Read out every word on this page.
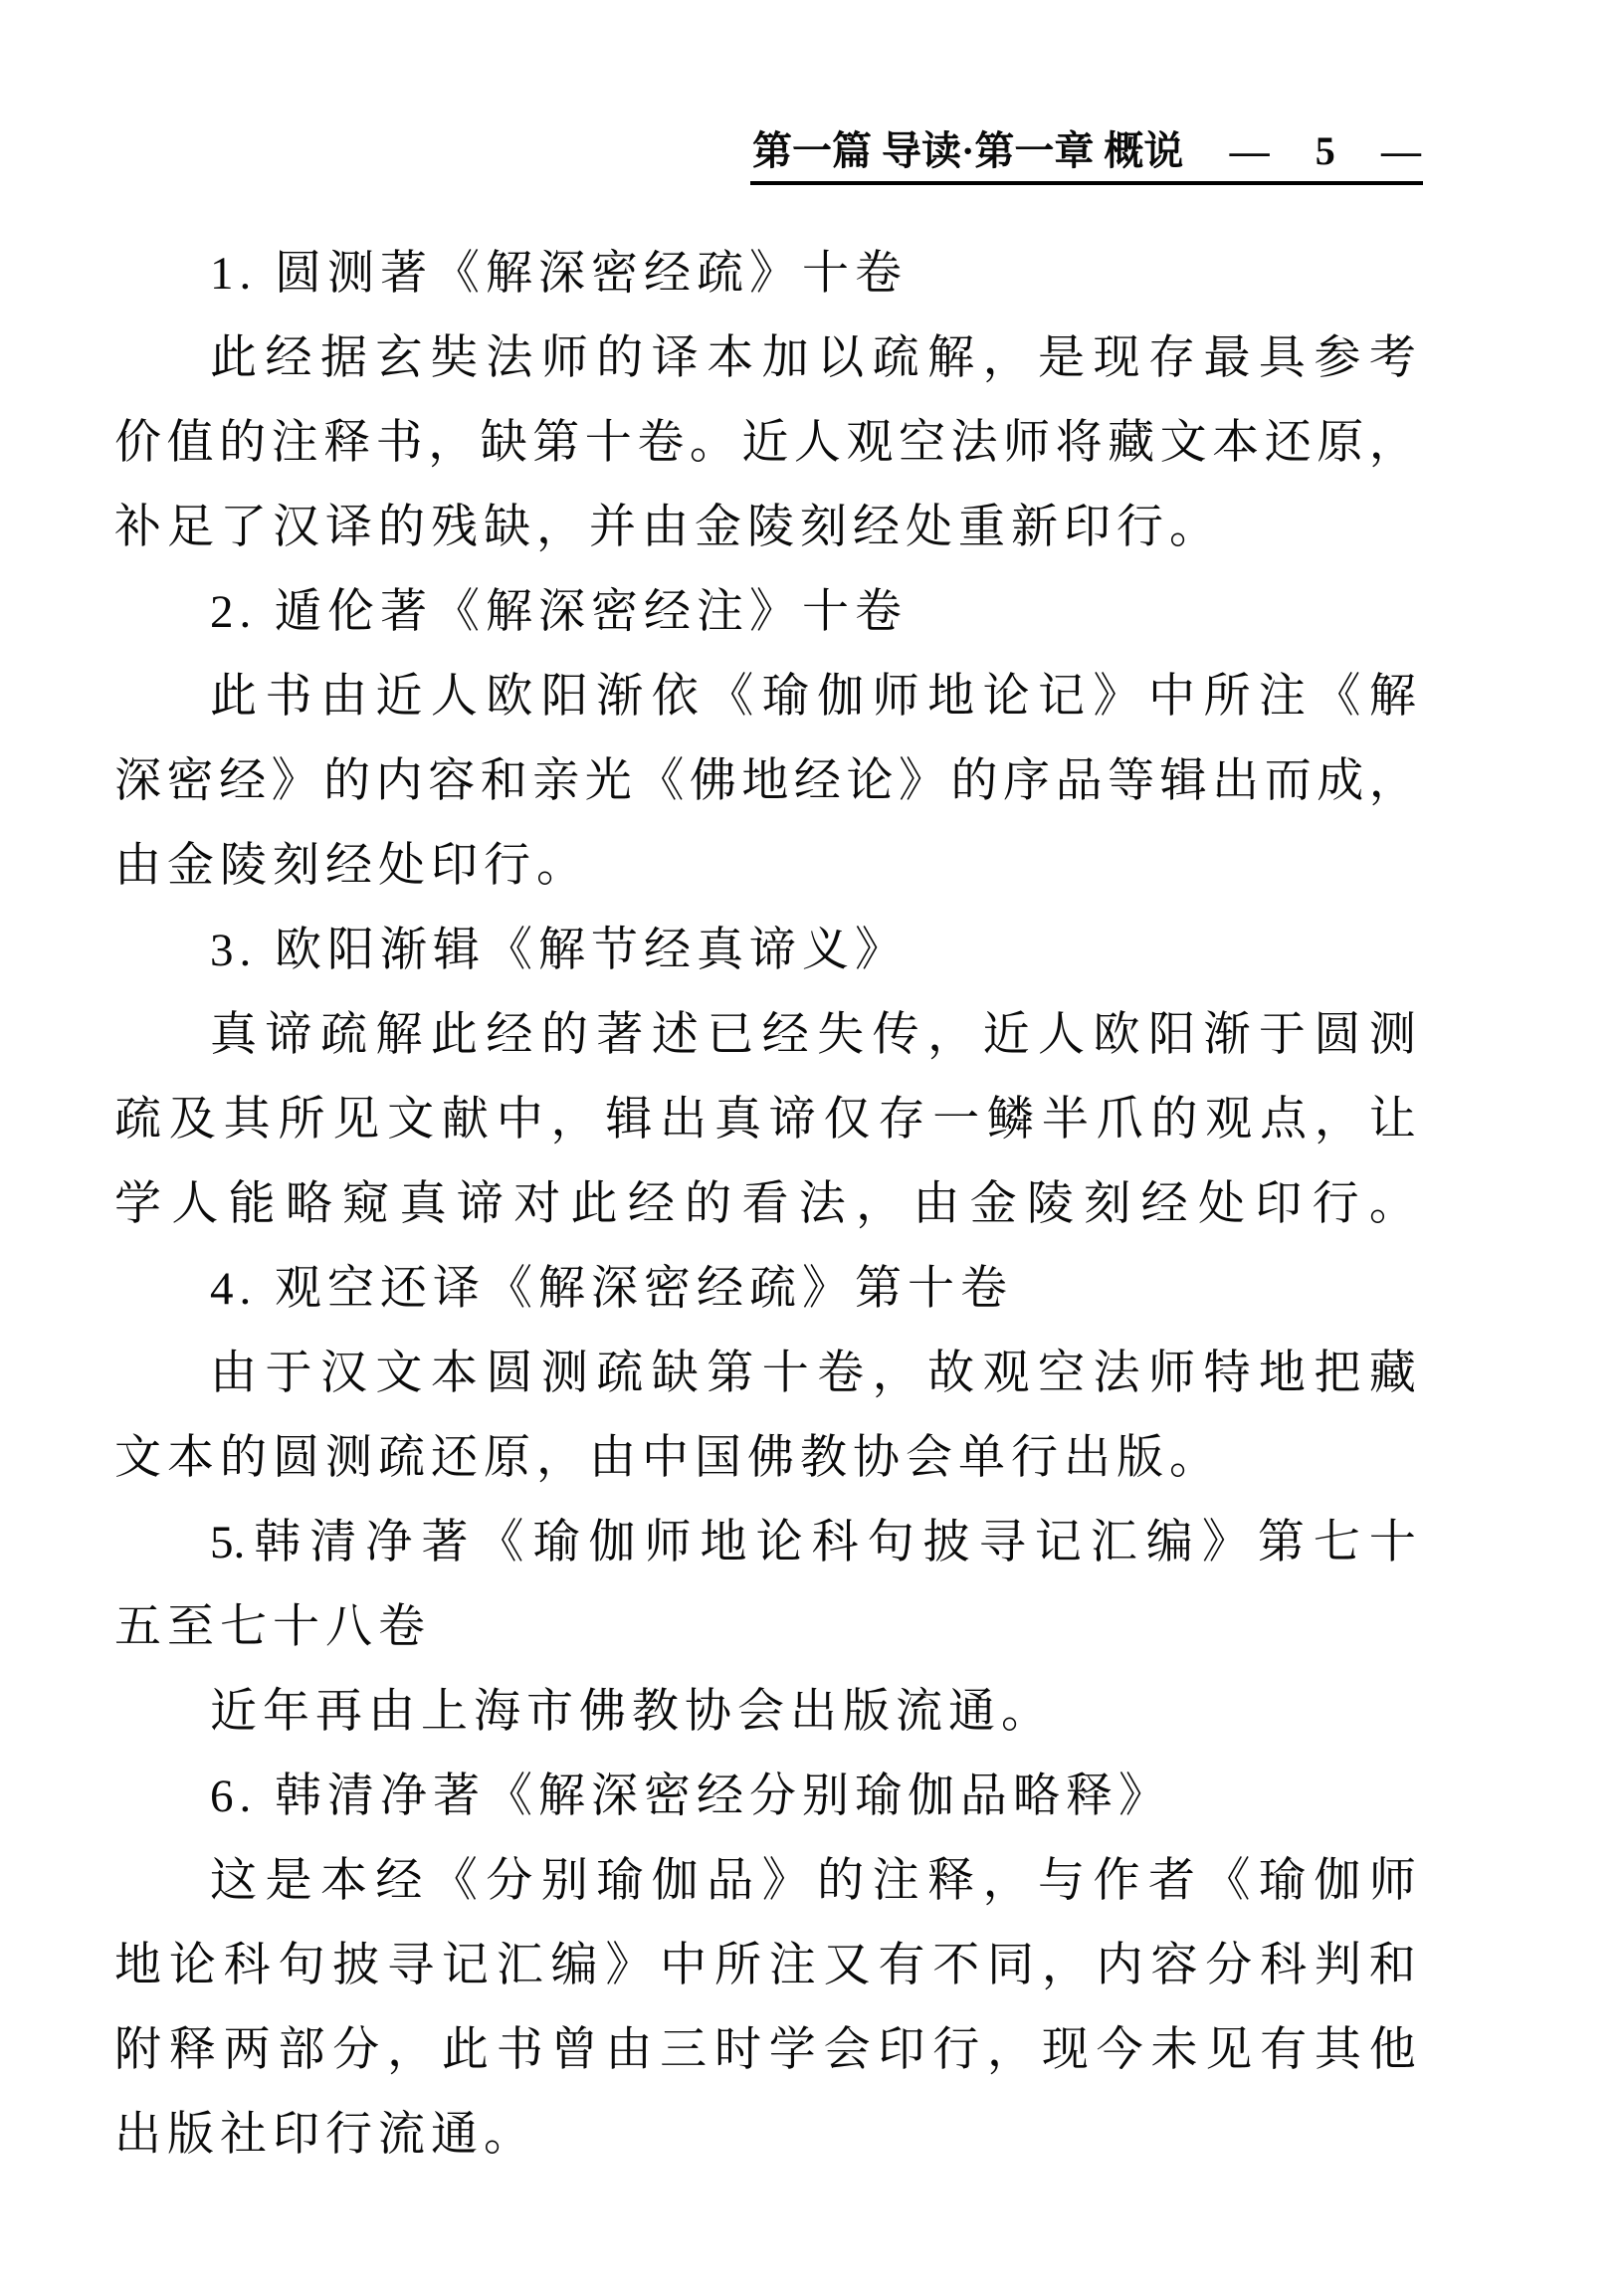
第一篇 导读·第一章 概说 — 5 —
1. 圆测著《解深密经疏》十卷
此 经 据 玄 奘 法 师 的 译 本 加 以 疏 解 ， 是 现 存 最 具 参 考
价 值 的 注 释 书 ， 缺 第 十 卷 。 近 人 观 空 法 师 将 藏 文 本 还 原 ，
补足了汉译的残缺，并由金陵刻经处重新印行。
2. 遁伦著《解深密经注》十卷
此 书 由 近 人 欧 阳 渐 依 《 瑜 伽 师 地 论 记 》 中 所 注 《 解
深 密 经 》 的 内 容 和 亲 光 《 佛 地 经 论 》 的 序 品 等 辑 出 而 成 ，
由金陵刻经处印行。
3. 欧阳渐辑《解节经真谛义》
真 谛 疏 解 此 经 的 著 述 已 经 失 传 ， 近 人 欧 阳 渐 于 圆 测
疏 及 其 所 见 文 献 中 ， 辑 出 真 谛 仅 存 一 鳞 半 爪 的 观 点 ， 让
学 人 能 略 窥 真 谛 对 此 经 的 看 法 ， 由 金 陵 刻 经 处 印 行 。
4. 观空还译《解深密经疏》第十卷
由 于 汉 文 本 圆 测 疏 缺 第 十 卷 ， 故 观 空 法 师 特 地 把 藏
文本的圆测疏还原，由中国佛教协会单行出版。
5. 韩 清 净 著 《 瑜 伽 师 地 论 科 句 披 寻 记 汇 编 》 第 七 十
五至七十八卷
近年再由上海市佛教协会出版流通。
6. 韩清净著《解深密经分别瑜伽品略释》
这 是 本 经 《 分 别 瑜 伽 品 》 的 注 释 ， 与 作 者 《 瑜 伽 师
地 论 科 句 披 寻 记 汇 编 》 中 所 注 又 有 不 同 ， 内 容 分 科 判 和
附 释 两 部 分 ， 此 书 曾 由 三 时 学 会 印 行 ， 现 今 未 见 有 其 他
出版社印行流通。
